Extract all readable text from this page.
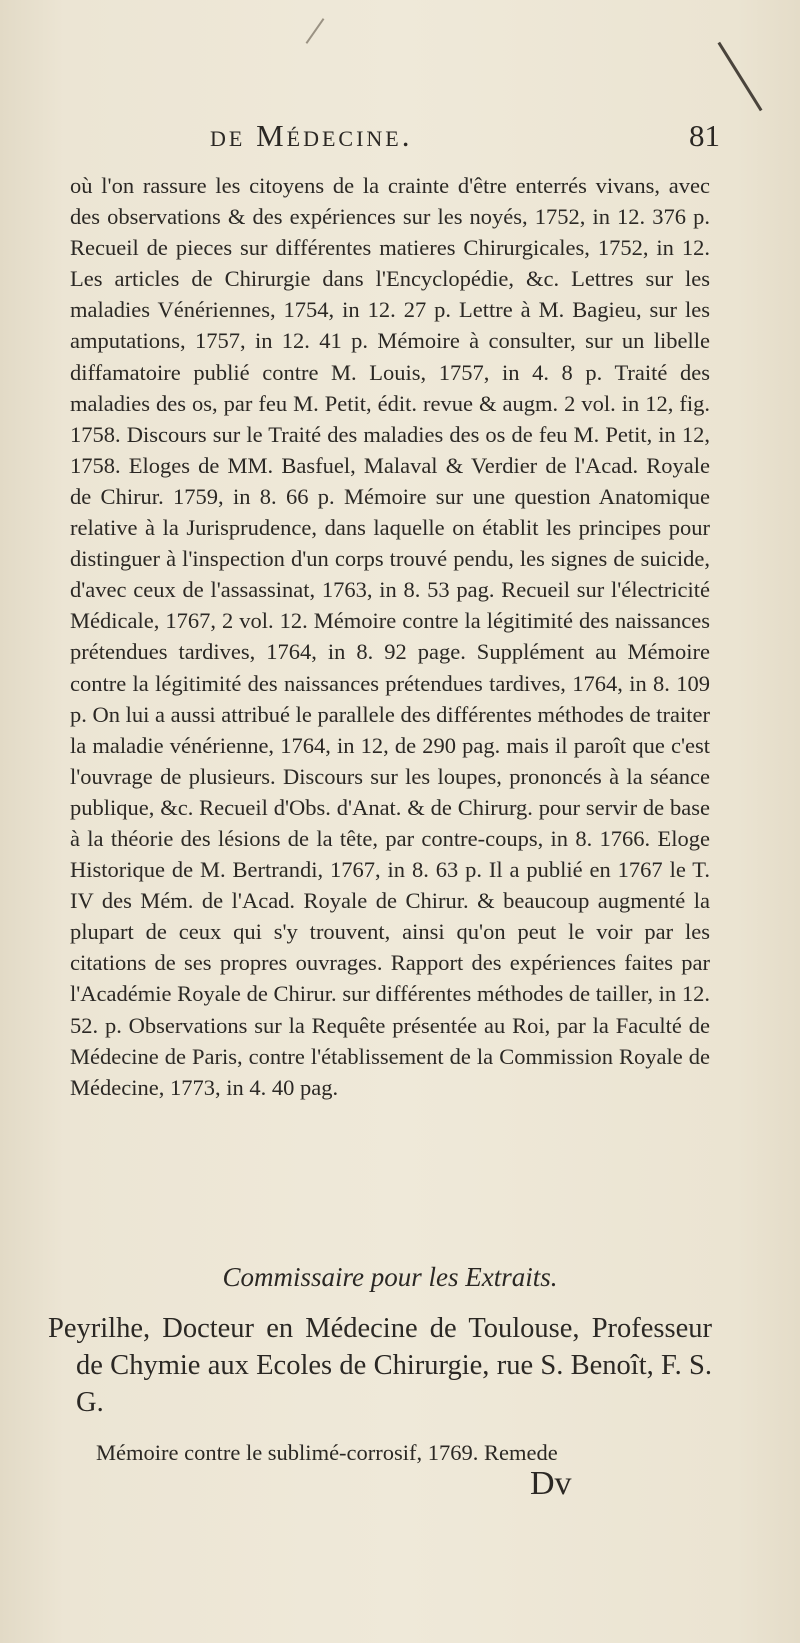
de Médecine.	81

où l'on rassure les citoyens de la crainte d'être enterrés vivans, avec des observations & des expériences sur les noyés, 1752, in 12. 376 p. Recueil de pieces sur différentes matieres Chirurgicales, 1752, in 12. Les articles de Chirurgie dans l'Encyclopédie, &c. Lettres sur les maladies Vénériennes, 1754, in 12. 27 p. Lettre à M. Bagieu, sur les amputations, 1757, in 12. 41 p. Mémoire à consulter, sur un libelle diffamatoire publié contre M. Louis, 1757, in 4. 8 p. Traité des maladies des os, par feu M. Petit, édit. revue & augm. 2 vol. in 12, fig. 1758. Discours sur le Traité des maladies des os de feu M. Petit, in 12, 1758. Eloges de MM. Basfuel, Malaval & Verdier de l'Acad. Royale de Chirur. 1759, in 8. 66 p. Mémoire sur une question Anatomique relative à la Jurisprudence, dans laquelle on établit les principes pour distinguer à l'inspection d'un corps trouvé pendu, les signes de suicide, d'avec ceux de l'assassinat, 1763, in 8. 53 pag. Recueil sur l'électricité Médicale, 1767, 2 vol. 12. Mémoire contre la légitimité des naissances prétendues tardives, 1764, in 8. 92 page. Supplément au Mémoire contre la légitimité des naissances prétendues tardives, 1764, in 8. 109 p. On lui a aussi attribué le parallele des différentes méthodes de traiter la maladie vénérienne, 1764, in 12, de 290 pag. mais il paroît que c'est l'ouvrage de plusieurs. Discours sur les loupes, prononcés à la séance publique, &c. Recueil d'Obs. d'Anat. & de Chirurg. pour servir de base à la théorie des lésions de la tête, par contre-coups, in 8. 1766. Eloge Historique de M. Bertrandi, 1767, in 8. 63 p. Il a publié en 1767 le T. IV des Mém. de l'Acad. Royale de Chirur. & beaucoup augmenté la plupart de ceux qui s'y trouvent, ainsi qu'on peut le voir par les citations de ses propres ouvrages. Rapport des expériences faites par l'Académie Royale de Chirur. sur différentes méthodes de tailler, in 12. 52. p. Observations sur la Requête présentée au Roi, par la Faculté de Médecine de Paris, contre l'établissement de la Commission Royale de Médecine, 1773, in 4. 40 pag.

Commissaire pour les Extraits.

Peyrilhe, Docteur en Médecine de Toulouse, Professeur de Chymie aux Ecoles de Chirurgie, rue S. Benoît, F. S. G.

Mémoire contre le sublimé-corrosif, 1769. Remede
Dv
